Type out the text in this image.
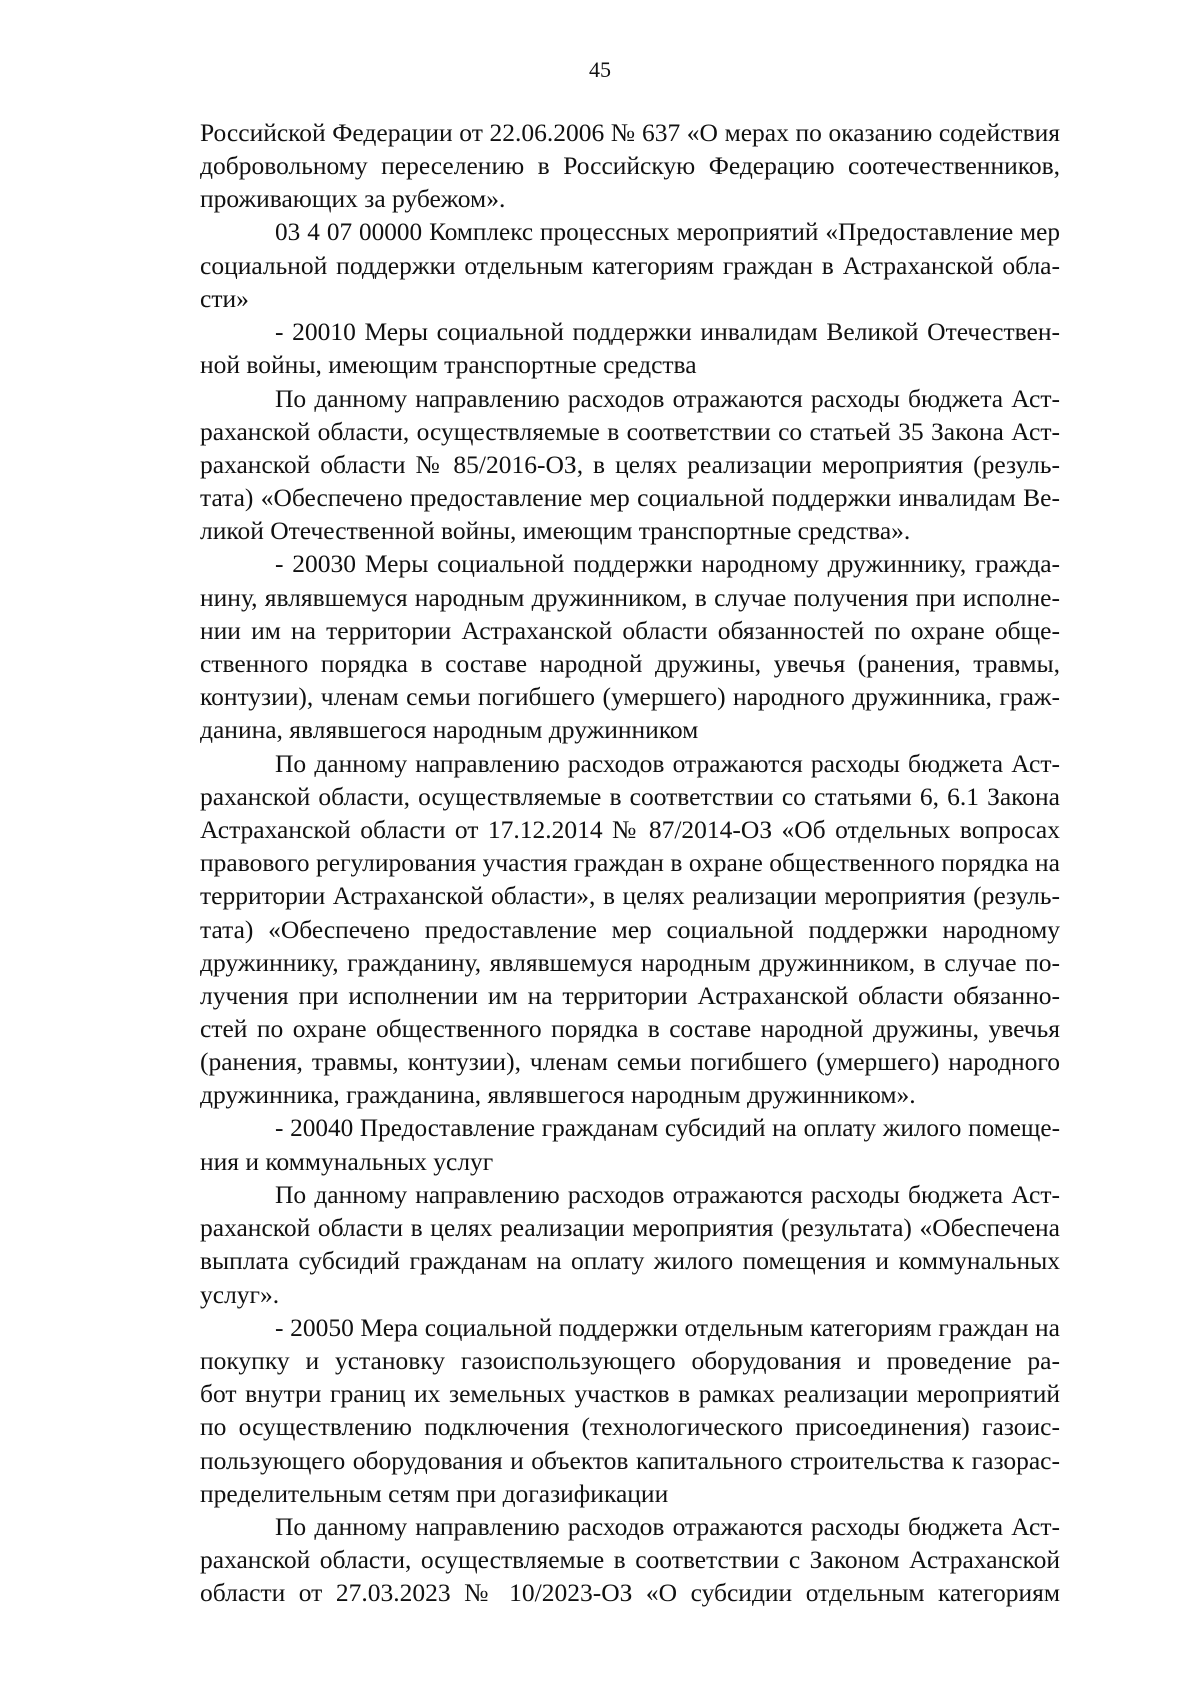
45
Российской Федерации от 22.06.2006 № 637 «О мерах по оказанию содействия
добровольному переселению в Российскую Федерацию соотечественников,
проживающих за рубежом».
03 4 07 00000 Комплекс процессных мероприятий «Предоставление мер
социальной поддержки отдельным категориям граждан в Астраханской обла-
сти»
- 20010 Меры социальной поддержки инвалидам Великой Отечествен-
ной войны, имеющим транспортные средства
По данному направлению расходов отражаются расходы бюджета Аст-
раханской области, осуществляемые в соответствии со статьей 35 Закона Аст-
раханской области № 85/2016-ОЗ, в целях реализации мероприятия (резуль-
тата) «Обеспечено предоставление мер социальной поддержки инвалидам Ве-
ликой Отечественной войны, имеющим транспортные средства».
- 20030 Меры социальной поддержки народному дружиннику, гражда-
нину, являвшемуся народным дружинником, в случае получения при исполне-
нии им на территории Астраханской области обязанностей по охране обще-
ственного порядка в составе народной дружины, увечья (ранения, травмы,
контузии), членам семьи погибшего (умершего) народного дружинника, граж-
данина, являвшегося народным дружинником
По данному направлению расходов отражаются расходы бюджета Аст-
раханской области, осуществляемые в соответствии со статьями 6, 6.1 Закона
Астраханской области от 17.12.2014 № 87/2014-ОЗ «Об отдельных вопросах
правового регулирования участия граждан в охране общественного порядка на
территории Астраханской области», в целях реализации мероприятия (резуль-
тата) «Обеспечено предоставление мер социальной поддержки народному
дружиннику, гражданину, являвшемуся народным дружинником, в случае по-
лучения при исполнении им на территории Астраханской области обязанно-
стей по охране общественного порядка в составе народной дружины, увечья
(ранения, травмы, контузии), членам семьи погибшего (умершего) народного
дружинника, гражданина, являвшегося народным дружинником».
- 20040 Предоставление гражданам субсидий на оплату жилого помеще-
ния и коммунальных услуг
По данному направлению расходов отражаются расходы бюджета Аст-
раханской области в целях реализации мероприятия (результата) «Обеспечена
выплата субсидий гражданам на оплату жилого помещения и коммунальных
услуг».
- 20050 Мера социальной поддержки отдельным категориям граждан на
покупку и установку газоиспользующего оборудования и проведение ра-
бот внутри границ их земельных участков в рамках реализации мероприятий
по осуществлению подключения (технологического присоединения) газоис-
пользующего оборудования и объектов капитального строительства к газорас-
пределительным сетям при догазификации
По данному направлению расходов отражаются расходы бюджета Аст-
раханской области, осуществляемые в соответствии с Законом Астраханской
области от 27.03.2023 № 10/2023-ОЗ «О субсидии отдельным категориям
